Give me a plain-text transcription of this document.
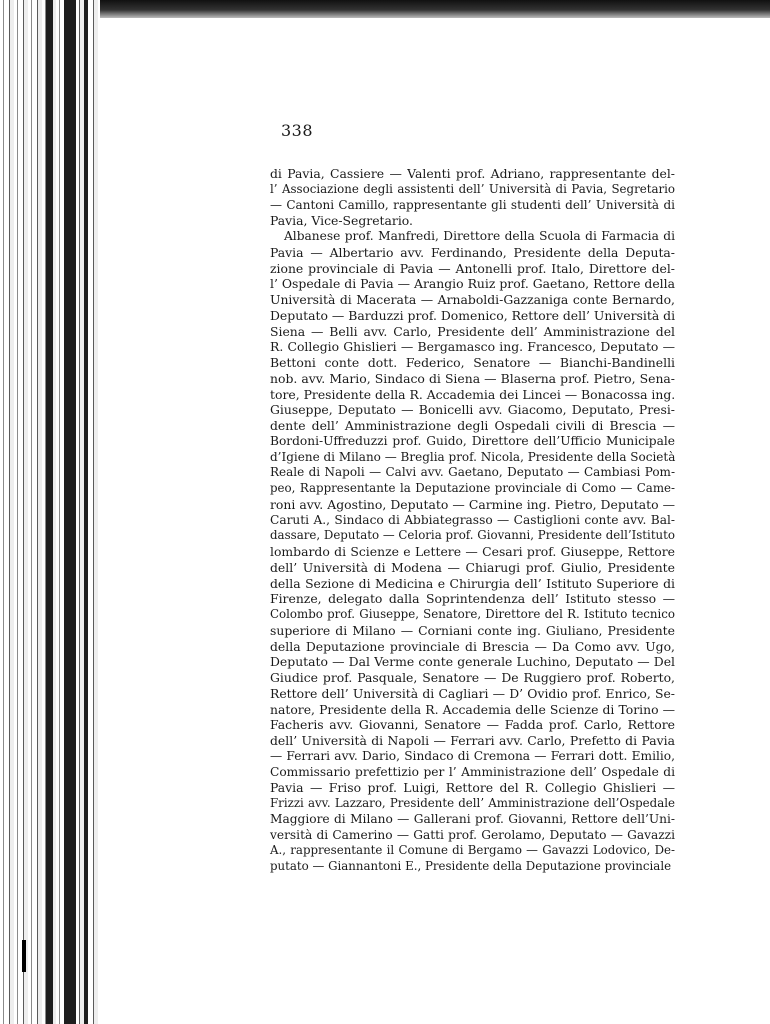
338

di Pavia, Cassiere — Valenti prof. Adriano, rappresentante del-
l’ Associazione degli assistenti dell’ Università di Pavia, Segretario
— Cantoni Camillo, rappresentante gli studenti dell’ Università di
Pavia, Vice-Segretario.
Albanese prof. Manfredi, Direttore della Scuola di Farmacia di
Pavia — Albertario avv. Ferdinando, Presidente della Deputa-
zione provinciale di Pavia — Antonelli prof. Italo, Direttore del-
l’ Ospedale di Pavia — Arangio Ruiz prof. Gaetano, Rettore della
Università di Macerata — Arnaboldi-Gazzaniga conte Bernardo,
Deputato — Barduzzi prof. Domenico, Rettore dell’ Università di
Siena — Belli avv. Carlo, Presidente dell’ Amministrazione del
R. Collegio Ghislieri — Bergamasco ing. Francesco, Deputato —
Bettoni conte dott. Federico, Senatore — Bianchi-Bandinelli
nob. avv. Mario, Sindaco di Siena — Blaserna prof. Pietro, Sena-
tore, Presidente della R. Accademia dei Lincei — Bonacossa ing.
Giuseppe, Deputato — Bonicelli avv. Giacomo, Deputato, Presi-
dente dell’ Amministrazione degli Ospedali civili di Brescia —
Bordoni-Uffreduzzi prof. Guido, Direttore dell’Ufficio Municipale
d’Igiene di Milano — Breglia prof. Nicola, Presidente della Società
Reale di Napoli — Calvi avv. Gaetano, Deputato — Cambiasi Pom-
peo, Rappresentante la Deputazione provinciale di Como — Came-
roni avv. Agostino, Deputato — Carmine ing. Pietro, Deputato —
Caruti A., Sindaco di Abbiategrasso — Castiglioni conte avv. Bal-
dassare, Deputato — Celoria prof. Giovanni, Presidente dell’Istituto
lombardo di Scienze e Lettere — Cesari prof. Giuseppe, Rettore
dell’ Università di Modena — Chiarugi prof. Giulio, Presidente
della Sezione di Medicina e Chirurgia dell’ Istituto Superiore di
Firenze, delegato dalla Soprintendenza dell’ Istituto stesso —
Colombo prof. Giuseppe, Senatore, Direttore del R. Istituto tecnico
superiore di Milano — Corniani conte ing. Giuliano, Presidente
della Deputazione provinciale di Brescia — Da Como avv. Ugo,
Deputato — Dal Verme conte generale Luchino, Deputato — Del
Giudice prof. Pasquale, Senatore — De Ruggiero prof. Roberto,
Rettore dell’ Università di Cagliari — D’ Ovidio prof. Enrico, Se-
natore, Presidente della R. Accademia delle Scienze di Torino —
Facheris avv. Giovanni, Senatore — Fadda prof. Carlo, Rettore
dell’ Università di Napoli — Ferrari avv. Carlo, Prefetto di Pavia
— Ferrari avv. Dario, Sindaco di Cremona — Ferrari dott. Emilio,
Commissario prefettizio per l’ Amministrazione dell’ Ospedale di
Pavia — Friso prof. Luigi, Rettore del R. Collegio Ghislieri —
Frizzi avv. Lazzaro, Presidente dell’ Amministrazione dell’Ospedale
Maggiore di Milano — Gallerani prof. Giovanni, Rettore dell’Uni-
versità di Camerino — Gatti prof. Gerolamo, Deputato — Gavazzi
A., rappresentante il Comune di Bergamo — Gavazzi Lodovico, De-
putato — Giannantoni E., Presidente della Deputazione provinciale
